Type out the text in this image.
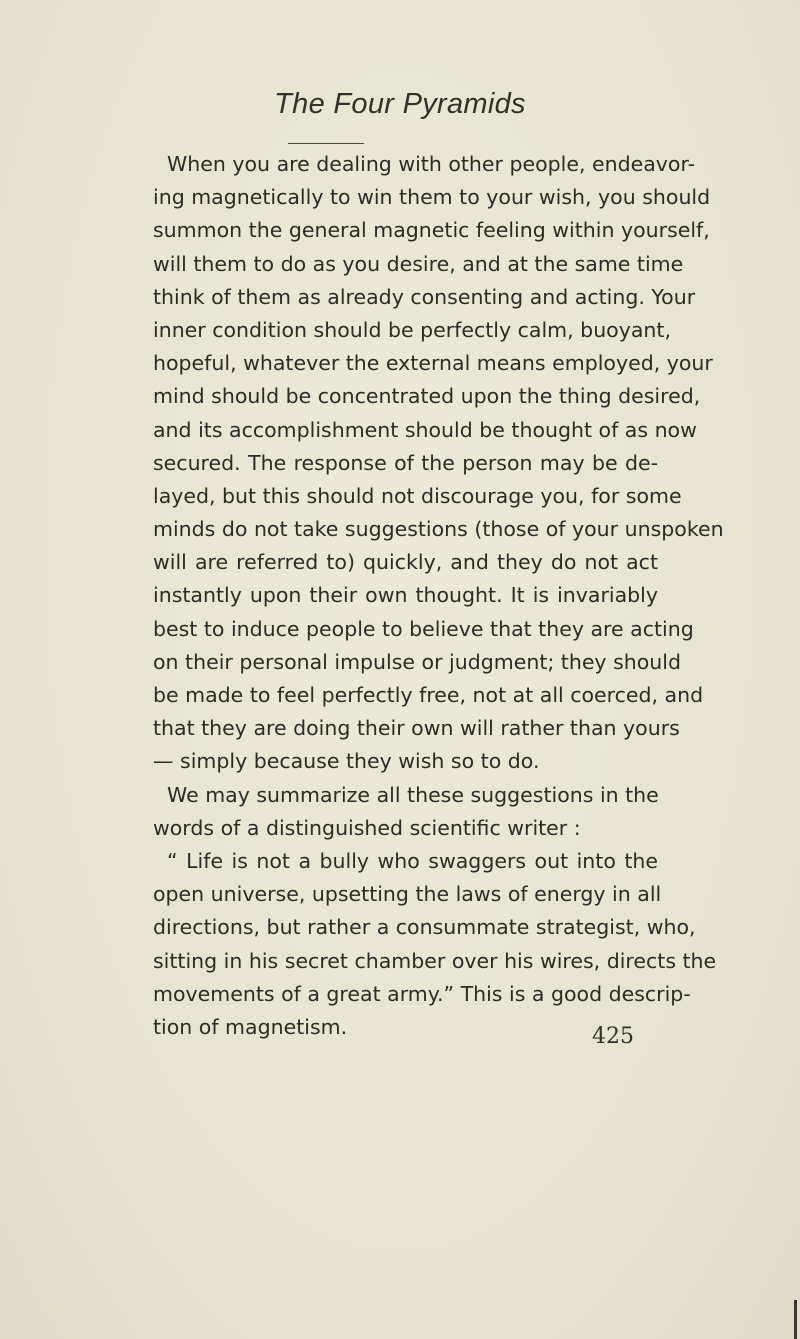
The Four Pyramids
When you are dealing with other people, endeavor-
ing magnetically to win them to your wish, you should
summon the general magnetic feeling within yourself,
will them to do as you desire, and at the same time
think of them as already consenting and acting. Your
inner condition should be perfectly calm, buoyant,
hopeful, whatever the external means employed, your
mind should be concentrated upon the thing desired,
and its accomplishment should be thought of as now
secured. The response of the person may be de-
layed, but this should not discourage you, for some
minds do not take suggestions (those of your unspoken
will are referred to) quickly, and they do not act
instantly upon their own thought. It is invariably
best to induce people to believe that they are acting
on their personal impulse or judgment; they should
be made to feel perfectly free, not at all coerced, and
that they are doing their own will rather than yours
— simply because they wish so to do.
We may summarize all these suggestions in the
words of a distinguished scientific writer :
“ Life is not a bully who swaggers out into the
open universe, upsetting the laws of energy in all
directions, but rather a consummate strategist, who,
sitting in his secret chamber over his wires, directs the
movements of a great army.” This is a good descrip-
tion of magnetism.	425
